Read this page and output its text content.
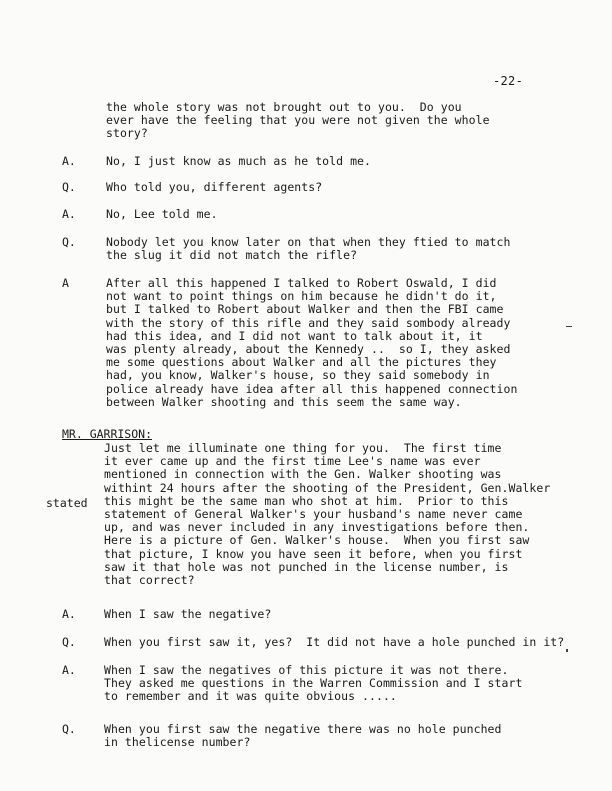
-22-
the whole story was not brought out to you.  Do you
ever have the feeling that you were not given the whole
story?
A.	No, I just know as much as he told me.
Q.	Who told you, different agents?
A.	No, Lee told me.
Q.	Nobody let you know later on that when they ftied to match
the slug it did not match the rifle?
A	After all this happened I talked to Robert Oswald, I did
not want to point things on him because he didn't do it,
but I talked to Robert about Walker and then the FBI came
with the story of this rifle and they said sombody already
had this idea, and I did not want to talk about it, it
was plenty already, about the Kennedy ..  so I, they asked
me some questions about Walker and all the pictures they
had, you know, Walker's house, so they said somebody in
police already have idea after all this happened connection
between Walker shooting and this seem the same way.
MR. GARRISON:
stated
Just let me illuminate one thing for you.  The first time
it ever came up and the first time Lee's name was ever
mentioned in connection with the Gen. Walker shooting was
withint 24 hours after the shooting of the President, Gen.Walker
this might be the same man who shot at him.  Prior to this
statement of General Walker's your husband's name never came
up, and was never included in any investigations before then.
Here is a picture of Gen. Walker's house.  When you first saw
that picture, I know you have seen it before, when you first
saw it that hole was not punched in the license number, is
that correct?
A. When I saw the negative?
Q. When you first saw it, yes?  It did not have a hole punched in it?
A. When I saw the negatives of this picture it was not there.
They asked me questions in the Warren Commission and I start
to remember and it was quite obvious .....
Q. When you first saw the negative there was no hole punched
in thelicense number?
